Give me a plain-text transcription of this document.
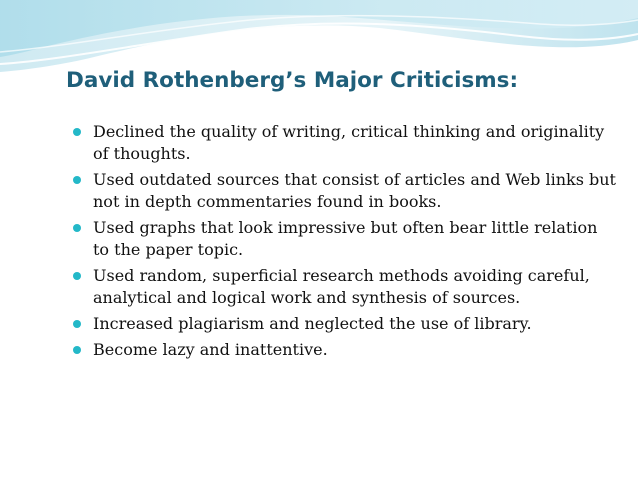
David Rothenberg’s Major Criticisms:
Declined the quality of writing, critical thinking and originality of thoughts.
Used outdated sources that consist of articles and Web links but not in depth commentaries found in books.
Used graphs that look impressive but often bear little relation to the paper topic.
Used random, superficial research methods avoiding careful, analytical and logical work and synthesis of sources.
Increased plagiarism and neglected the use of library.
Become lazy and inattentive.
